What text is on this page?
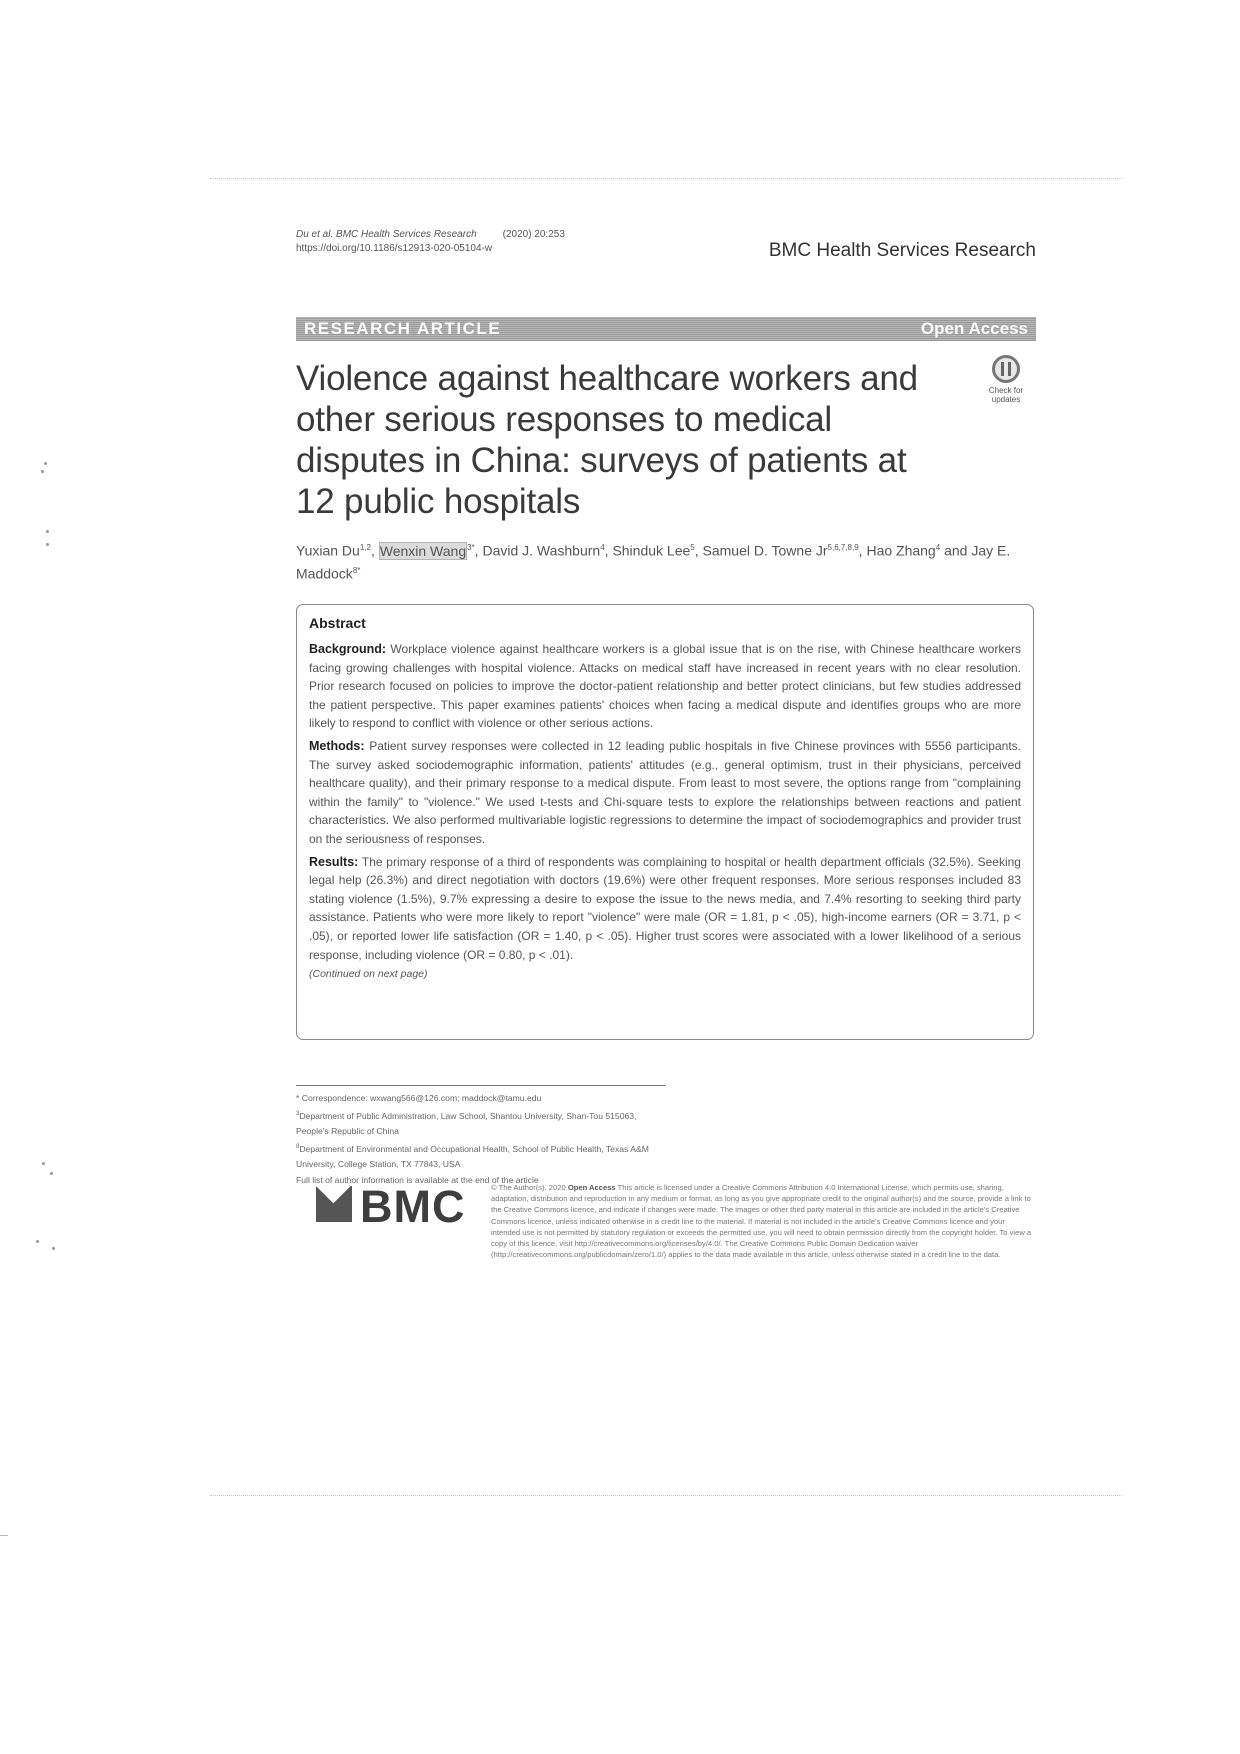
Du et al. BMC Health Services Research	(2020) 20:253
https://doi.org/10.1186/s12913-020-05104-w	BMC Health Services Research
RESEARCH ARTICLE	Open Access
Violence against healthcare workers and other serious responses to medical disputes in China: surveys of patients at 12 public hospitals
Check for
updates

Yuxian Du$^{1,2}$, Wenxin Wang$^{3*}$, David J. Washburn$^4$, Shinduk Lee$^5$, Samuel D. Towne Jr$^{5,6,7,8,9}$, Hao Zhang$^4$ and Jay E. Maddock$^{8*}$

Abstract

Background: Workplace violence against healthcare workers is a global issue that is on the rise, with Chinese healthcare workers facing growing challenges with hospital violence. Attacks on medical staff have increased in recent years with no clear resolution. Prior research focused on policies to improve the doctor-patient relationship and better protect clinicians, but few studies addressed the patient perspective. This paper examines patients' choices when facing a medical dispute and identifies groups who are more likely to respond to conflict with violence or other serious actions.

Methods: Patient survey responses were collected in 12 leading public hospitals in five Chinese provinces with 5556 participants. The survey asked sociodemographic information, patients' attitudes (e.g., general optimism, trust in their physicians, perceived healthcare quality), and their primary response to a medical dispute. From least to most severe, the options range from "complaining within the family" to "violence." We used t-tests and Chi-square tests to explore the relationships between reactions and patient characteristics. We also performed multivariable logistic regressions to determine the impact of sociodemographics and provider trust on the seriousness of responses.

Results: The primary response of a third of respondents was complaining to hospital or health department officials (32.5%). Seeking legal help (26.3%) and direct negotiation with doctors (19.6%) were other frequent responses. More serious responses included 83 stating violence (1.5%), 9.7% expressing a desire to expose the issue to the news media, and 7.4% resorting to seeking third party assistance. Patients who were more likely to report "violence" were male (OR = 1.81, p < .05), high-income earners (OR = 3.71, p < .05), or reported lower life satisfaction (OR = 1.40, p < .05). Higher trust scores were associated with a lower likelihood of a serious response, including violence (OR = 0.80, p < .01).

(Continued on next page)

* Correspondence: wxwang566@126.com; maddock@tamu.edu
$^3$Department of Public Administration, Law School, Shantou University, Shan-Tou 515063, People's Republic of China
$^8$Department of Environmental and Occupational Health, School of Public Health, Texas A&M University, College Station, TX 77843, USA
Full list of author information is available at the end of the article

BMC	© The Author(s). 2020 Open Access This article is licensed under a Creative Commons Attribution 4.0 International License, which permits use, sharing, adaptation, distribution and reproduction in any medium or format, as long as you give appropriate credit to the original author(s) and the source, provide a link to the Creative Commons licence, and indicate if changes were made. The images or other third party material in this article are included in the article's Creative Commons licence, unless indicated otherwise in a credit line to the material. If material is not included in the article's Creative Commons licence and your intended use is not permitted by statutory regulation or exceeds the permitted use, you will need to obtain permission directly from the copyright holder. To view a copy of this licence, visit http://creativecommons.org/licenses/by/4.0/. The Creative Commons Public Domain Dedication waiver (http://creativecommons.org/publicdomain/zero/1.0/) applies to the data made available in this article, unless otherwise stated in a credit line to the data.
